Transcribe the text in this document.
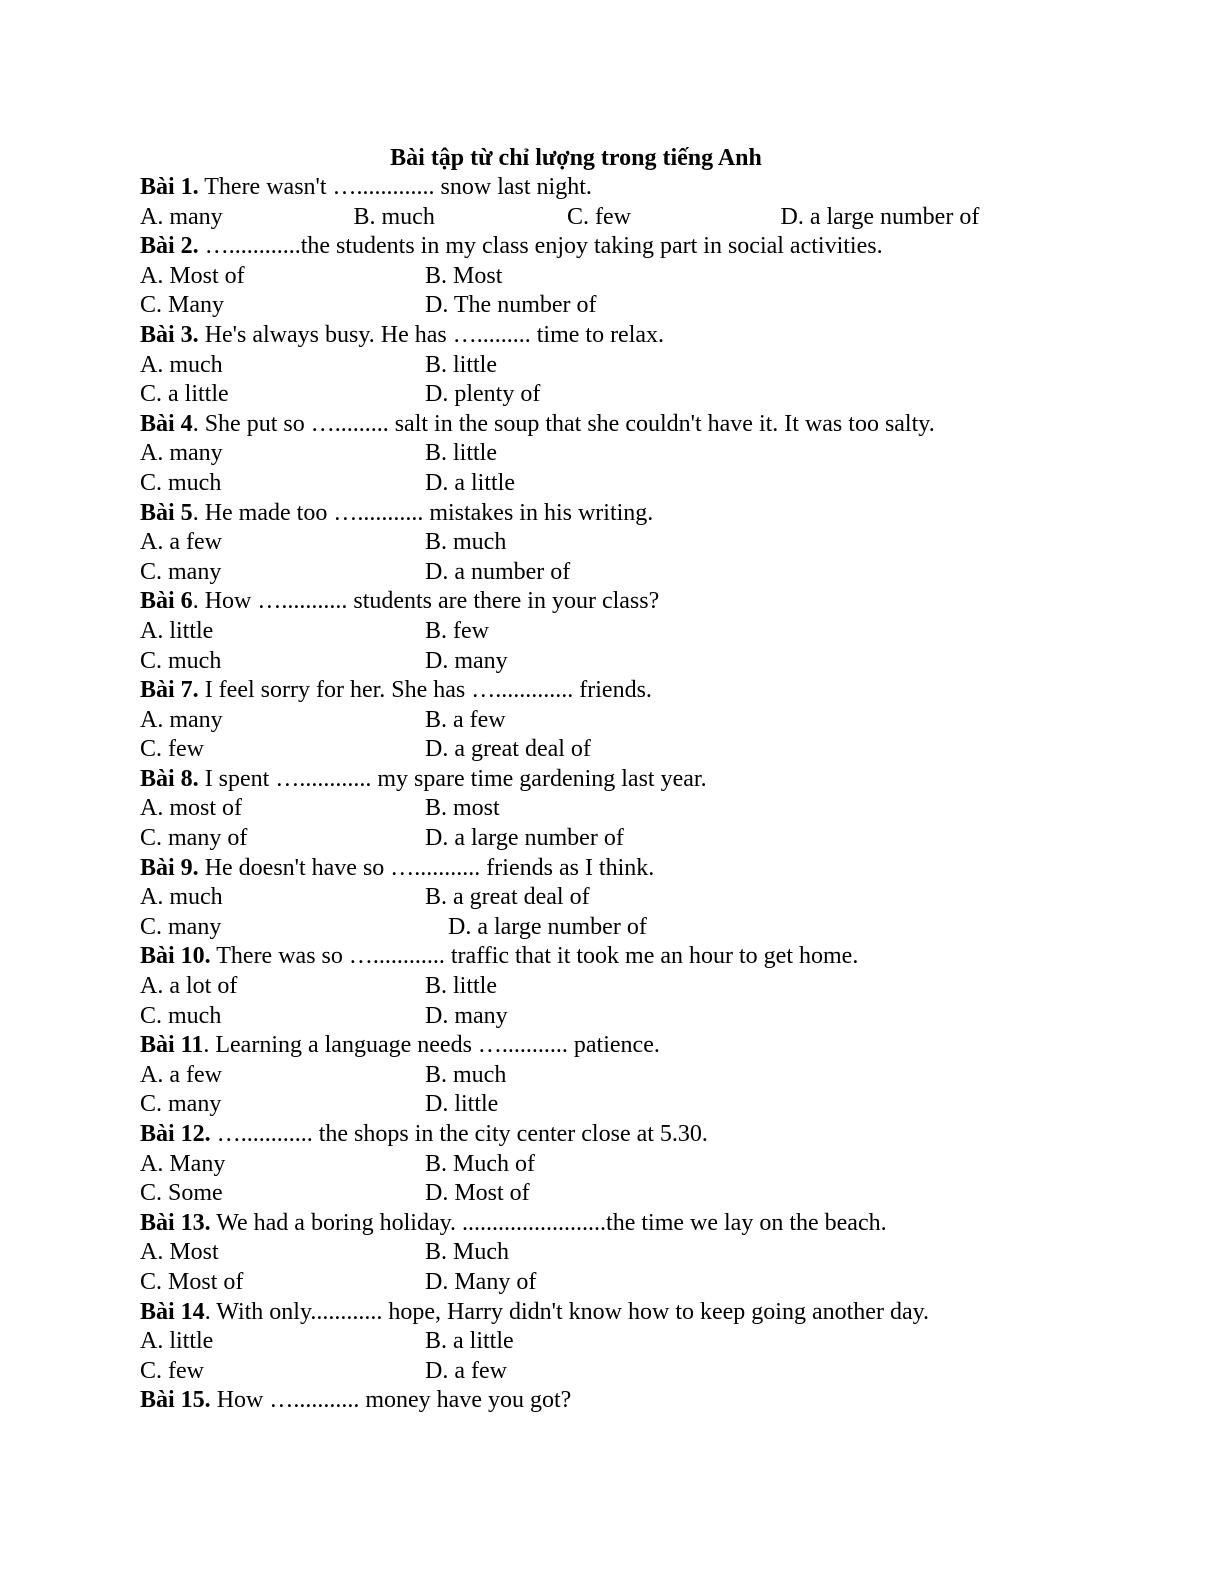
Bài tập từ chỉ lượng trong tiếng Anh
Bài 1. There wasn't …............. snow last night.
A. many	B. much	C. few	D. a large number of
Bài 2. …............the students in my class enjoy taking part in social activities.
A. Most of	B. Most
C. Many	D. The number of
Bài 3. He's always busy. He has …......... time to relax.
A. much	B. little
C. a little	D. plenty of
Bài 4. She put so …......... salt in the soup that she couldn't have it. It was too salty.
A. many	B. little
C. much	D. a little
Bài 5. He made too …........... mistakes in his writing.
A. a few	B. much
C. many	D. a number of
Bài 6. How …........... students are there in your class?
A. little	B. few
C. much	D. many
Bài 7. I feel sorry for her. She has …............. friends.
A. many	B. a few
C. few	D. a great deal of
Bài 8. I spent …............ my spare time gardening last year.
A. most of	B. most
C. many of	D. a large number of
Bài 9. He doesn't have so …........... friends as I think.
A. much	B. a great deal of
C. many	D. a large number of
Bài 10. There was so …............ traffic that it took me an hour to get home.
A. a lot of	B. little
C. much	D. many
Bài 11. Learning a language needs …........... patience.
A. a few	B. much
C. many	D. little
Bài 12. …............ the shops in the city center close at 5.30.
A. Many	B. Much of
C. Some	D. Most of
Bài 13. We had a boring holiday. ........................the time we lay on the beach.
A. Most	B. Much
C. Most of	D. Many of
Bài 14. With only............ hope, Harry didn't know how to keep going another day.
A. little	B. a little
C. few	D. a few
Bài 15. How …........... money have you got?
